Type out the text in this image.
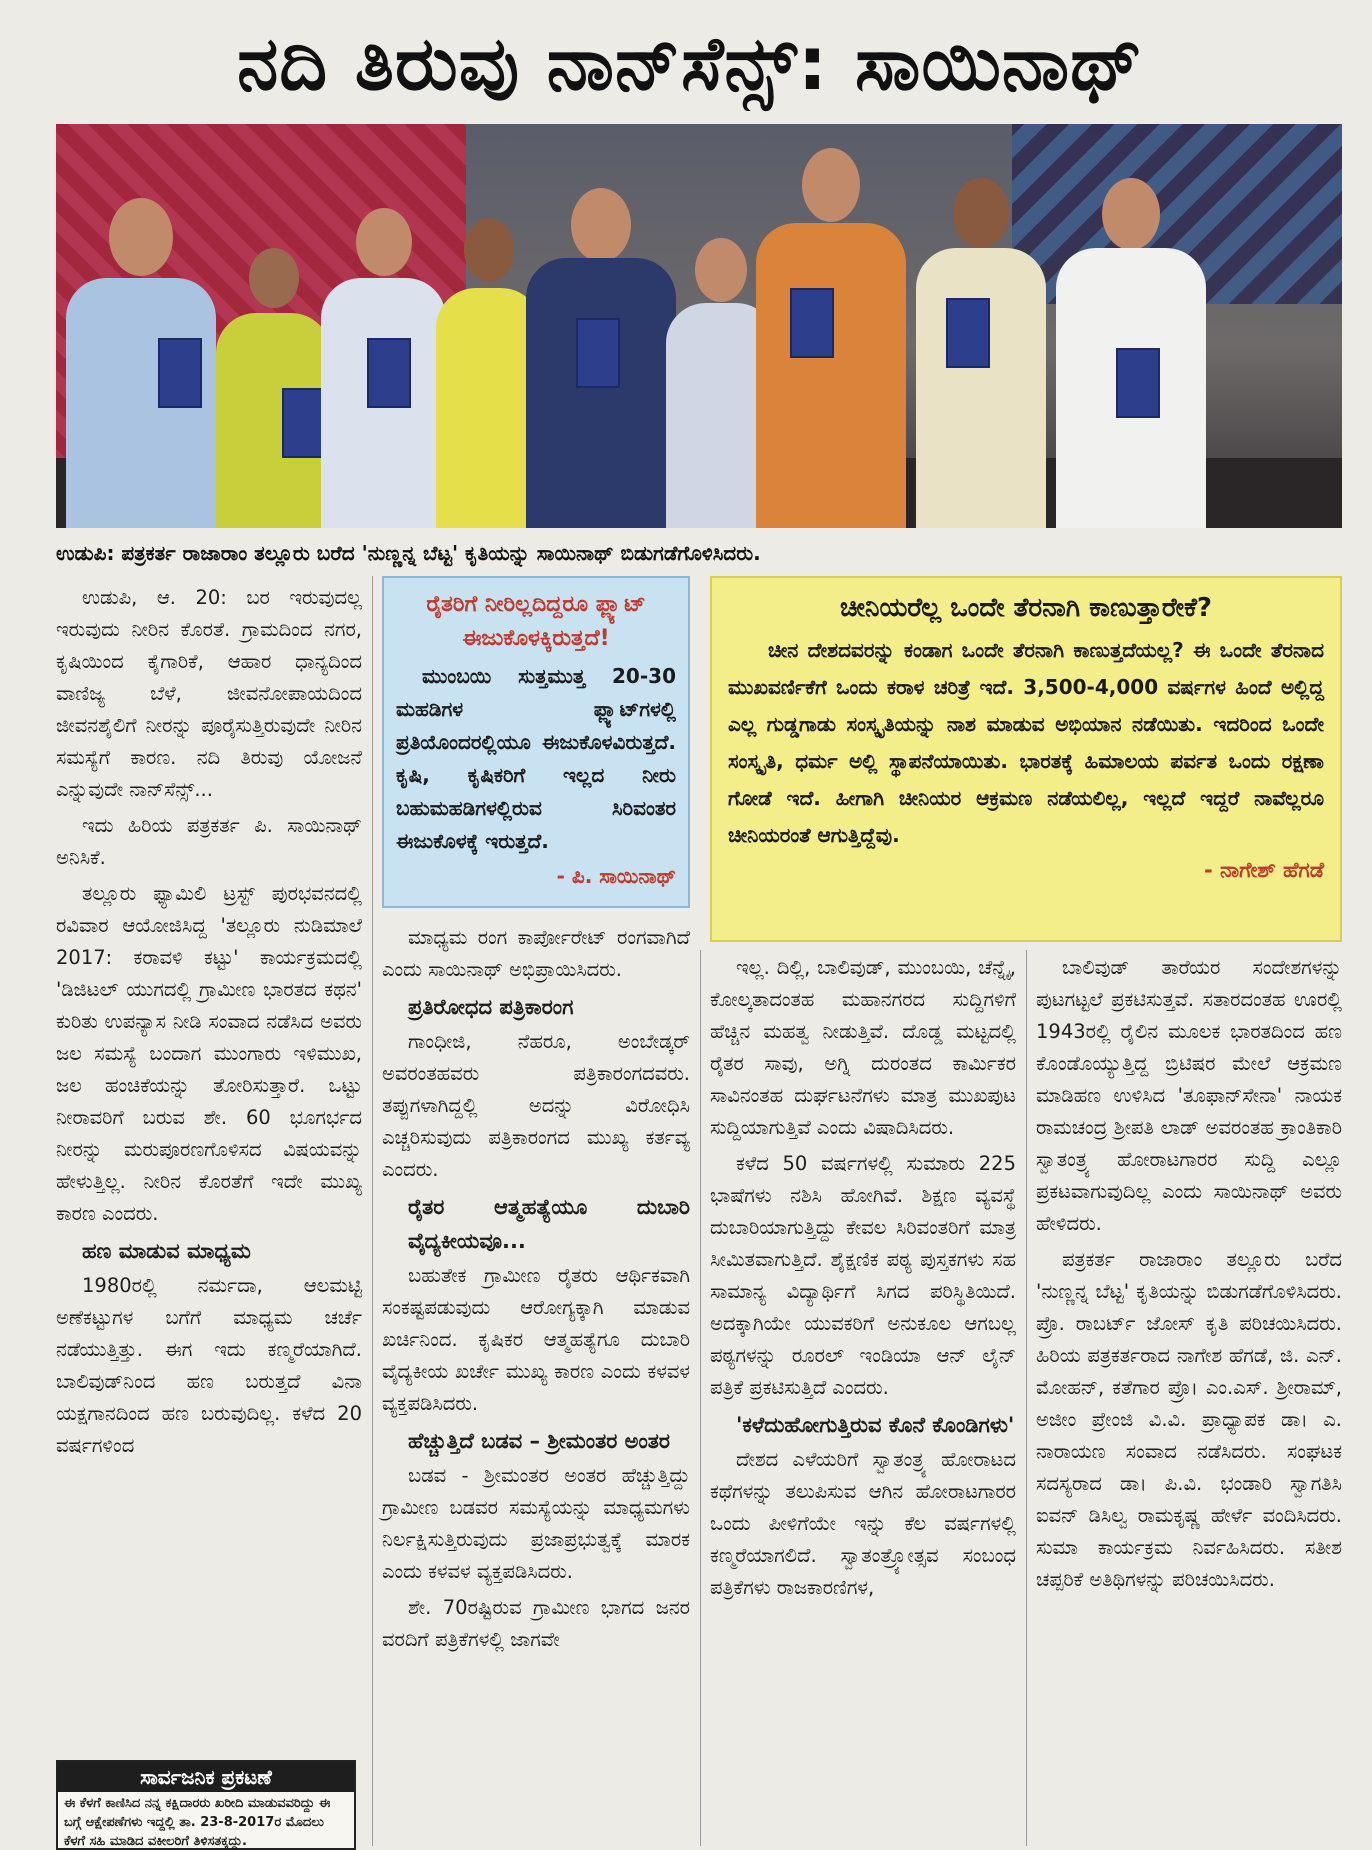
ನದಿ ತಿರುವು ನಾನ್‌ಸೆನ್ಸ್: ಸಾಯಿನಾಥ್
ಉಡುಪಿ: ಪತ್ರಕರ್ತ ರಾಜಾರಾಂ ತಲ್ಲೂರು ಬರೆದ 'ನುಣ್ಣನ್ನ ಬೆಟ್ಟ' ಕೃತಿಯನ್ನು ಸಾಯಿನಾಥ್ ಬಿಡುಗಡೆಗೊಳಿಸಿದರು.

ಉಡುಪಿ, ಆ. 20: ಬರ ಇರುವುದಲ್ಲ ಇರುವುದು ನೀರಿನ ಕೊರತೆ. ಗ್ರಾಮದಿಂದ ನಗರ, ಕೃಷಿಯಿಂದ ಕೈಗಾರಿಕೆ, ಆಹಾರ ಧಾನ್ಯದಿಂದ ವಾಣಿಜ್ಯ ಬೆಳೆ, ಜೀವನೋಪಾಯದಿಂದ ಜೀವನಶೈಲಿಗೆ ನೀರನ್ನು ಪೂರೈಸುತ್ತಿರುವುದೇ ನೀರಿನ ಸಮಸ್ಯೆಗೆ ಕಾರಣ. ನದಿ ತಿರುವು ಯೋಜನೆ ಎನ್ನುವುದೇ ನಾನ್‌ಸೆನ್ಸ್...

ಇದು ಹಿರಿಯ ಪತ್ರಕರ್ತ ಪಿ. ಸಾಯಿನಾಥ್ ಅನಿಸಿಕೆ.

ತಲ್ಲೂರು ಫ್ಯಾಮಿಲಿ ಟ್ರಸ್ಟ್ ಪುರಭವನದಲ್ಲಿ ರವಿವಾರ ಆಯೋಜಿಸಿದ್ದ 'ತಲ್ಲೂರು ನುಡಿಮಾಲೆ 2017: ಕರಾವಳಿ ಕಟ್ಟು' ಕಾರ್ಯಕ್ರಮದಲ್ಲಿ 'ಡಿಜಿಟಲ್ ಯುಗದಲ್ಲಿ ಗ್ರಾಮೀಣ ಭಾರತದ ಕಥನ' ಕುರಿತು ಉಪನ್ಯಾಸ ನೀಡಿ ಸಂವಾದ ನಡೆಸಿದ ಅವರು ಜಲ ಸಮಸ್ಯೆ ಬಂದಾಗ ಮುಂಗಾರು ಇಳಿಮುಖ, ಜಲ ಹಂಚಿಕೆಯನ್ನು ತೋರಿಸುತ್ತಾರೆ. ಒಟ್ಟು ನೀರಾವರಿಗೆ ಬರುವ ಶೇ. 60 ಭೂಗರ್ಭದ ನೀರನ್ನು ಮರುಪೂರಣಗೊಳಿಸದ ವಿಷಯವನ್ನು ಹೇಳುತ್ತಿಲ್ಲ. ನೀರಿನ ಕೊರತೆಗೆ ಇದೇ ಮುಖ್ಯ ಕಾರಣ ಎಂದರು.

ಹಣ ಮಾಡುವ ಮಾಧ್ಯಮ

1980ರಲ್ಲಿ ನರ್ಮದಾ, ಆಲಮಟ್ಟಿ ಅಣೆಕಟ್ಟುಗಳ ಬಗೆಗೆ ಮಾಧ್ಯಮ ಚರ್ಚೆ ನಡೆಯುತ್ತಿತ್ತು. ಈಗ ಇದು ಕಣ್ಮರೆಯಾಗಿದೆ. ಬಾಲಿವುಡ್‌ನಿಂದ ಹಣ ಬರುತ್ತದೆ ವಿನಾ ಯಕ್ಷಗಾನದಿಂದ ಹಣ ಬರುವುದಿಲ್ಲ. ಕಳೆದ 20 ವರ್ಷಗಳಿಂದ

ಸಾರ್ವಜನಿಕ ಪ್ರಕಟಣೆ
ಈ ಕೆಳಗೆ ಕಾಣಿಸಿದ ನನ್ನ ಕಕ್ಷಿದಾರರು ಖರೀದಿ ಮಾಡುವವರಿದ್ದು ಈ ಬಗ್ಗೆ ಆಕ್ಷೇಪಣೆಗಳು ಇದ್ದಲ್ಲಿ ತಾ. 23-8-2017ರ ಮೊದಲು ಕೆಳಗೆ ಸಹಿ ಮಾಡಿದ ವಕೀಲರಿಗೆ ತಿಳಿಸತಕ್ಕದ್ದು.
ರೈತರಿಗೆ ನೀರಿಲ್ಲದಿದ್ದರೂ ಫ್ಲ್ಯಾಟ್ ಈಜುಕೊಳಕ್ಕಿರುತ್ತದೆ!
ಮುಂಬಯಿ ಸುತ್ತಮುತ್ತ 20-30 ಮಹಡಿಗಳ ಫ್ಲ್ಯಾಟ್‌ಗಳಲ್ಲಿ ಪ್ರತಿಯೊಂದರಲ್ಲಿಯೂ ಈಜುಕೊಳವಿರುತ್ತದೆ. ಕೃಷಿ, ಕೃಷಿಕರಿಗೆ ಇಲ್ಲದ ನೀರು ಬಹುಮಹಡಿಗಳಲ್ಲಿರುವ ಸಿರಿವಂತರ ಈಜುಕೊಳಕ್ಕೆ ಇರುತ್ತದೆ.
- ಪಿ. ಸಾಯಿನಾಥ್
ಚೀನಿಯರೆಲ್ಲ ಒಂದೇ ತೆರನಾಗಿ ಕಾಣುತ್ತಾರೇಕೆ?
ಚೀನ ದೇಶದವರನ್ನು ಕಂಡಾಗ ಒಂದೇ ತೆರನಾಗಿ ಕಾಣುತ್ತದೆಯಲ್ಲ? ಈ ಒಂದೇ ತೆರನಾದ ಮುಖವರ್ಣಿಕೆಗೆ ಒಂದು ಕರಾಳ ಚರಿತ್ರೆ ಇದೆ. 3,500-4,000 ವರ್ಷಗಳ ಹಿಂದೆ ಅಲ್ಲಿದ್ದ ಎಲ್ಲ ಗುಡ್ಡಗಾಡು ಸಂಸ್ಕೃತಿಯನ್ನು ನಾಶ ಮಾಡುವ ಅಭಿಯಾನ ನಡೆಯಿತು. ಇದರಿಂದ ಒಂದೇ ಸಂಸ್ಕೃತಿ, ಧರ್ಮ ಅಲ್ಲಿ ಸ್ಥಾಪನೆಯಾಯಿತು. ಭಾರತಕ್ಕೆ ಹಿಮಾಲಯ ಪರ್ವತ ಒಂದು ರಕ್ಷಣಾ ಗೋಡೆ ಇದೆ. ಹೀಗಾಗಿ ಚೀನಿಯರ ಆಕ್ರಮಣ ನಡೆಯಲಿಲ್ಲ, ಇಲ್ಲದೆ ಇದ್ದರೆ ನಾವೆಲ್ಲರೂ ಚೀನಿಯರಂತೆ ಆಗುತ್ತಿದ್ದೆವು.
- ನಾಗೇಶ್ ಹೆಗಡೆ

ಮಾಧ್ಯಮ ರಂಗ ಕಾರ್ಪೋರೇಟ್ ರಂಗವಾಗಿದೆ ಎಂದು ಸಾಯಿನಾಥ್ ಅಭಿಪ್ರಾಯಿಸಿದರು.

ಪ್ರತಿರೋಧದ ಪತ್ರಿಕಾರಂಗ

ಗಾಂಧೀಜಿ, ನೆಹರೂ, ಅಂಬೇಡ್ಕರ್ ಅವರಂತಹವರು ಪತ್ರಿಕಾರಂಗದವರು. ತಪ್ಪುಗಳಾಗಿದ್ದಲ್ಲಿ ಅದನ್ನು ವಿರೋಧಿಸಿ ಎಚ್ಚರಿಸುವುದು ಪತ್ರಿಕಾರಂಗದ ಮುಖ್ಯ ಕರ್ತವ್ಯ ಎಂದರು.

ರೈತರ ಆತ್ಮಹತ್ಯೆಯೂ ದುಬಾರಿ ವೈದ್ಯಕೀಯವೂ...

ಬಹುತೇಕ ಗ್ರಾಮೀಣ ರೈತರು ಆರ್ಥಿಕವಾಗಿ ಸಂಕಷ್ಟಪಡುವುದು ಆರೋಗ್ಯಕ್ಕಾಗಿ ಮಾಡುವ ಖರ್ಚಿನಿಂದ. ಕೃಷಿಕರ ಆತ್ಮಹತ್ಯೆಗೂ ದುಬಾರಿ ವೈದ್ಯಕೀಯ ಖರ್ಚೇ ಮುಖ್ಯ ಕಾರಣ ಎಂದು ಕಳವಳ ವ್ಯಕ್ತಪಡಿಸಿದರು.

ಹೆಚ್ಚುತ್ತಿದೆ ಬಡವ – ಶ್ರೀಮಂತರ ಅಂತರ

ಬಡವ - ಶ್ರೀಮಂತರ ಅಂತರ ಹೆಚ್ಚುತ್ತಿದ್ದು ಗ್ರಾಮೀಣ ಬಡವರ ಸಮಸ್ಯೆಯನ್ನು ಮಾಧ್ಯಮಗಳು ನಿರ್ಲಕ್ಷಿಸುತ್ತಿರುವುದು ಪ್ರಜಾಪ್ರಭುತ್ವಕ್ಕೆ ಮಾರಕ ಎಂದು ಕಳವಳ ವ್ಯಕ್ತಪಡಿಸಿದರು.

ಶೇ. 70ರಷ್ಟಿರುವ ಗ್ರಾಮೀಣ ಭಾಗದ ಜನರ ವರದಿಗೆ ಪತ್ರಿಕೆಗಳಲ್ಲಿ ಜಾಗವೇ

ಇಲ್ಲ. ದಿಲ್ಲಿ, ಬಾಲಿವುಡ್, ಮುಂಬಯಿ, ಚೆನ್ನೈ, ಕೋಲ್ಕತಾದಂತಹ ಮಹಾನಗರದ ಸುದ್ದಿಗಳಿಗೆ ಹೆಚ್ಚಿನ ಮಹತ್ವ ನೀಡುತ್ತಿವೆ. ದೊಡ್ಡ ಮಟ್ಟದಲ್ಲಿ ರೈತರ ಸಾವು, ಅಗ್ನಿ ದುರಂತದ ಕಾರ್ಮಿಕರ ಸಾವಿನಂತಹ ದುರ್ಘಟನೆಗಳು ಮಾತ್ರ ಮುಖಪುಟ ಸುದ್ದಿಯಾಗುತ್ತಿವೆ ಎಂದು ವಿಷಾದಿಸಿದರು.

ಕಳೆದ 50 ವರ್ಷಗಳಲ್ಲಿ ಸುಮಾರು 225 ಭಾಷೆಗಳು ನಶಿಸಿ ಹೋಗಿವೆ. ಶಿಕ್ಷಣ ವ್ಯವಸ್ಥೆ ದುಬಾರಿಯಾಗುತ್ತಿದ್ದು ಕೇವಲ ಸಿರಿವಂತರಿಗೆ ಮಾತ್ರ ಸೀಮಿತವಾಗುತ್ತಿದೆ. ಶೈಕ್ಷಣಿಕ ಪಠ್ಯ ಪುಸ್ತಕಗಳು ಸಹ ಸಾಮಾನ್ಯ ವಿದ್ಯಾರ್ಥಿಗೆ ಸಿಗದ ಪರಿಸ್ಥಿತಿಯಿದೆ. ಅದಕ್ಕಾಗಿಯೇ ಯುವಕರಿಗೆ ಅನುಕೂಲ ಆಗಬಲ್ಲ ಪಠ್ಯಗಳನ್ನು ರೂರಲ್ ಇಂಡಿಯಾ ಆನ್ ಲೈನ್ ಪತ್ರಿಕೆ ಪ್ರಕಟಿಸುತ್ತಿದೆ ಎಂದರು.

'ಕಳೆದುಹೋಗುತ್ತಿರುವ ಕೊನೆ ಕೊಂಡಿಗಳು'

ದೇಶದ ಎಳೆಯರಿಗೆ ಸ್ವಾತಂತ್ರ್ಯ ಹೋರಾಟದ ಕಥೆಗಳನ್ನು ತಲುಪಿಸುವ ಆಗಿನ ಹೋರಾಟಗಾರರ ಒಂದು ಪೀಳಿಗೆಯೇ ಇನ್ನು ಕೆಲ ವರ್ಷಗಳಲ್ಲಿ ಕಣ್ಮರೆಯಾಗಲಿದೆ. ಸ್ವಾತಂತ್ರ್ಯೋತ್ಸವ ಸಂಬಂಧ ಪತ್ರಿಕೆಗಳು ರಾಜಕಾರಣಿಗಳ,

ಬಾಲಿವುಡ್ ತಾರೆಯರ ಸಂದೇಶಗಳನ್ನು ಪುಟಗಟ್ಟಲೆ ಪ್ರಕಟಿಸುತ್ತವೆ. ಸತಾರದಂತಹ ಊರಲ್ಲಿ 1943ರಲ್ಲಿ ರೈಲಿನ ಮೂಲಕ ಭಾರತದಿಂದ ಹಣ ಕೊಂಡೊಯ್ಯುತ್ತಿದ್ದ ಬ್ರಿಟಿಷರ ಮೇಲೆ ಆಕ್ರಮಣ ಮಾಡಿಹಣ ಉಳಿಸಿದ 'ತೂಫಾನ್‌ಸೇನಾ' ನಾಯಕ ರಾಮಚಂದ್ರ ಶ್ರೀಪತಿ ಲಾಡ್ ಅವರಂತಹ ಕ್ರಾಂತಿಕಾರಿ ಸ್ವಾತಂತ್ರ್ಯ ಹೋರಾಟಗಾರರ ಸುದ್ದಿ ಎಲ್ಲೂ ಪ್ರಕಟವಾಗುವುದಿಲ್ಲ ಎಂದು ಸಾಯಿನಾಥ್ ಅವರು ಹೇಳಿದರು.

ಪತ್ರಕರ್ತ ರಾಜಾರಾಂ ತಲ್ಲೂರು ಬರೆದ 'ನುಣ್ಣನ್ನ ಬೆಟ್ಟ' ಕೃತಿಯನ್ನು ಬಿಡುಗಡೆಗೊಳಿಸಿದರು. ಪ್ರೊ. ರಾಬರ್ಟ್ ಜೋಸ್ ಕೃತಿ ಪರಿಚಯಿಸಿದರು. ಹಿರಿಯ ಪತ್ರಕರ್ತರಾದ ನಾಗೇಶ ಹೆಗಡೆ, ಜಿ. ಎನ್. ಮೋಹನ್, ಕತೆಗಾರ ಪ್ರೊ। ಎಂ.ಎಸ್. ಶ್ರೀರಾಮ್, ಅಜೀಂ ಪ್ರೇಂಜಿ ವಿ.ವಿ. ಪ್ರಾಧ್ಯಾಪಕ ಡಾ। ಎ. ನಾರಾಯಣ ಸಂವಾದ ನಡೆಸಿದರು. ಸಂಘಟಕ ಸದಸ್ಯರಾದ ಡಾ। ಪಿ.ವಿ. ಭಂಡಾರಿ ಸ್ವಾಗತಿಸಿ ಐವನ್ ಡಿಸಿಲ್ವ ರಾಮಕೃಷ್ಣ ಹೇರ್ಳೆ ವಂದಿಸಿದರು. ಸುಮಾ ಕಾರ್ಯಕ್ರಮ ನಿರ್ವಹಿಸಿದರು. ಸತೀಶ ಚಪ್ಪರಿಕೆ ಅತಿಥಿಗಳನ್ನು ಪರಿಚಯಿಸಿದರು.
